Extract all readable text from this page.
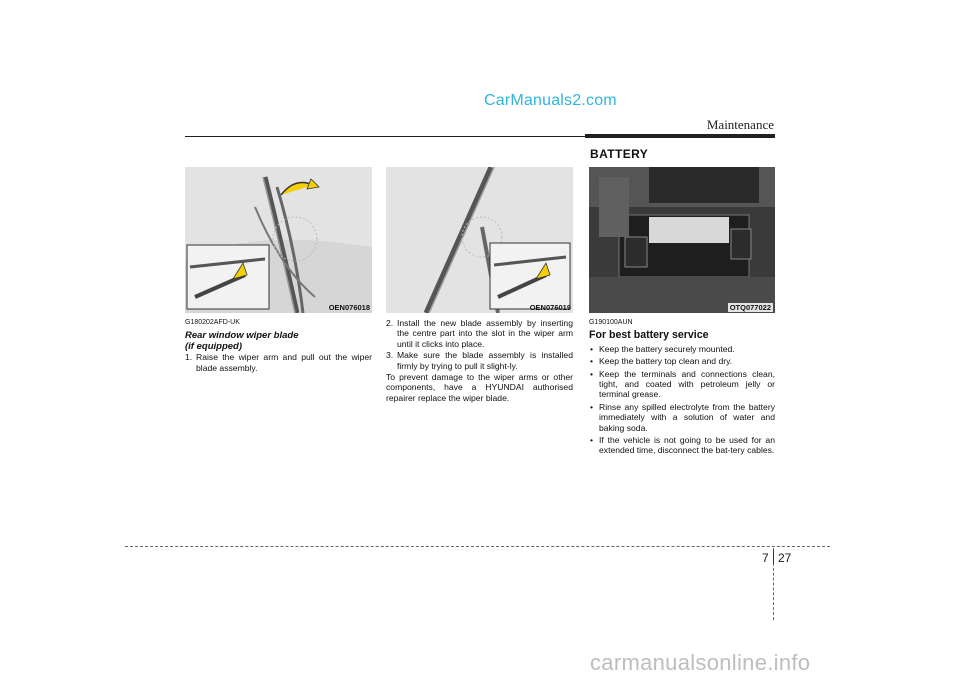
CarManuals2.com
Maintenance
BATTERY
OEN076018	OEN076019	OTQ077022
G180202AFD-UK
Rear window wiper blade
(if equipped)
1. Raise the wiper arm and pull out the wiper blade assembly.
2. Install the new blade assembly by inserting the centre part into the slot in the wiper arm until it clicks into place.
3. Make sure the blade assembly is installed firmly by trying to pull it slight-ly.
To prevent damage to the wiper arms or other components, have a HYUNDAI authorised repairer replace the wiper blade.
G190100AUN
For best battery service
• Keep the battery securely mounted.
• Keep the battery top clean and dry.
• Keep the terminals and connections clean, tight, and coated with petroleum jelly or terminal grease.
• Rinse any spilled electrolyte from the battery immediately with a solution of water and baking soda.
• If the vehicle is not going to be used for an extended time, disconnect the bat-tery cables.
7 27
carmanualsonline.info
